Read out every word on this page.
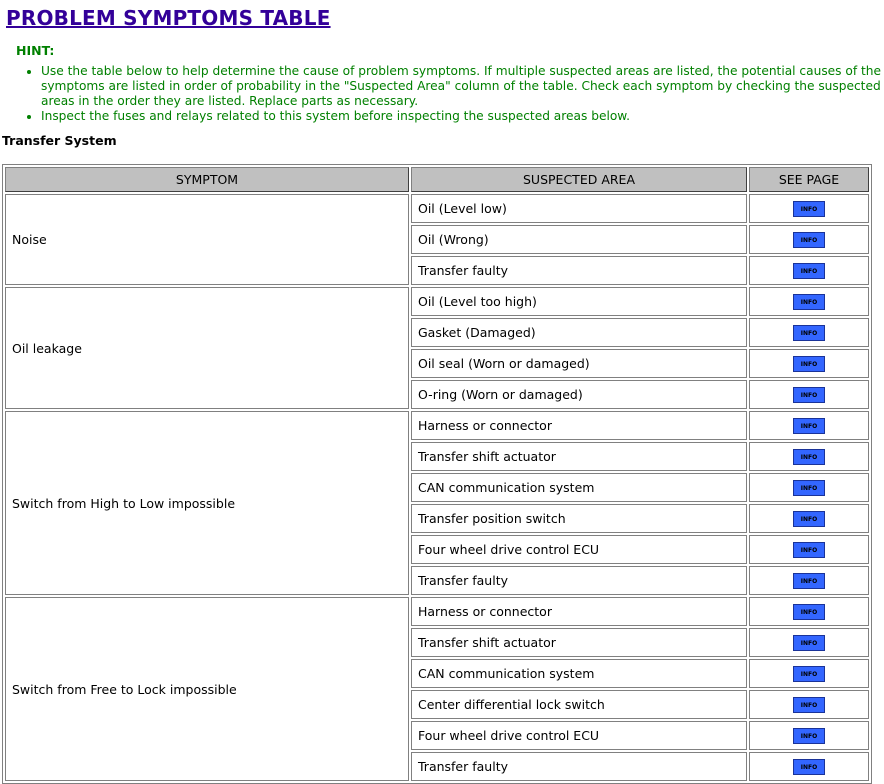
PROBLEM SYMPTOMS TABLE
HINT:
• Use the table below to help determine the cause of problem symptoms. If multiple suspected areas are listed, the potential causes of the symptoms are listed in order of probability in the "Suspected Area" column of the table. Check each symptom by checking the suspected areas in the order they are listed. Replace parts as necessary.
• Inspect the fuses and relays related to this system before inspecting the suspected areas below.
Transfer System
SYMPTOM	SUSPECTED AREA	SEE PAGE
Noise	Oil (Level low)	INFO
	Oil (Wrong)	INFO
	Transfer faulty	INFO
Oil leakage	Oil (Level too high)	INFO
	Gasket (Damaged)	INFO
	Oil seal (Worn or damaged)	INFO
	O-ring (Worn or damaged)	INFO
Switch from High to Low impossible	Harness or connector	INFO
	Transfer shift actuator	INFO
	CAN communication system	INFO
	Transfer position switch	INFO
	Four wheel drive control ECU	INFO
	Transfer faulty	INFO
Switch from Free to Lock impossible	Harness or connector	INFO
	Transfer shift actuator	INFO
	CAN communication system	INFO
	Center differential lock switch	INFO
	Four wheel drive control ECU	INFO
	Transfer faulty	INFO
